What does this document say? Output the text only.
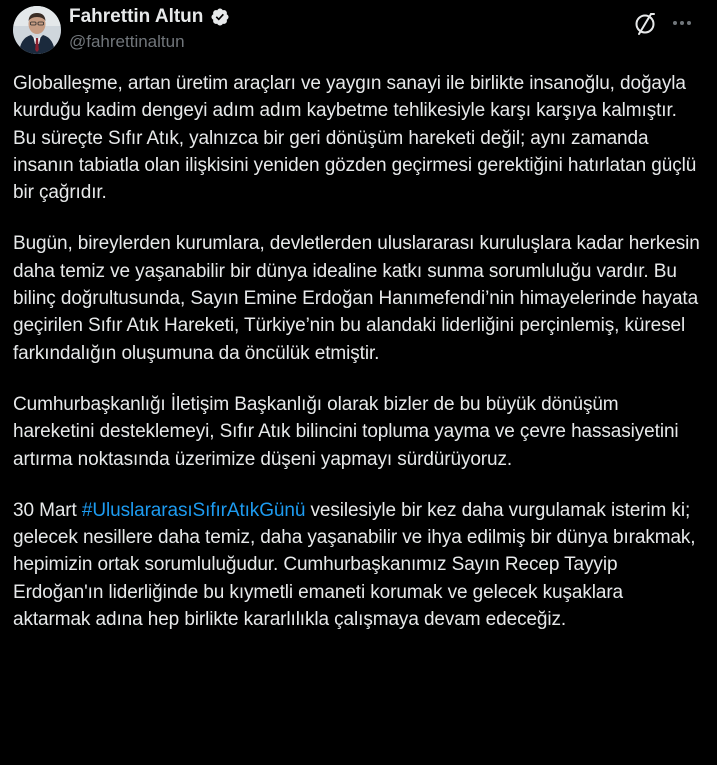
Fahrettin Altun
@fahrettinaltun

Globalleşme, artan üretim araçları ve yaygın sanayi ile birlikte insanoğlu, doğayla kurduğu kadim dengeyi adım adım kaybetme tehlikesiyle karşı karşıya kalmıştır. Bu süreçte Sıfır Atık, yalnızca bir geri dönüşüm hareketi değil; aynı zamanda insanın tabiatla olan ilişkisini yeniden gözden geçirmesi gerektiğini hatırlatan güçlü bir çağrıdır.

Bugün, bireylerden kurumlara, devletlerden uluslararası kuruluşlara kadar herkesin daha temiz ve yaşanabilir bir dünya idealine katkı sunma sorumluluğu vardır. Bu bilinç doğrultusunda, Sayın Emine Erdoğan Hanımefendi’nin himayelerinde hayata geçirilen Sıfır Atık Hareketi, Türkiye’nin bu alandaki liderliğini perçinlemiş, küresel farkındalığın oluşumuna da öncülük etmiştir.

Cumhurbaşkanlığı İletişim Başkanlığı olarak bizler de bu büyük dönüşüm hareketini desteklemeyi, Sıfır Atık bilincini topluma yayma ve çevre hassasiyetini artırma noktasında üzerimize düşeni yapmayı sürdürüyoruz.

30 Mart #UluslararasıSıfırAtıkGünü vesilesiyle bir kez daha vurgulamak isterim ki; gelecek nesillere daha temiz, daha yaşanabilir ve ihya edilmiş bir dünya bırakmak, hepimizin ortak sorumluluğudur. Cumhurbaşkanımız Sayın Recep Tayyip Erdoğan'ın liderliğinde bu kıymetli emaneti korumak ve gelecek kuşaklara aktarmak adına hep birlikte kararlılıkla çalışmaya devam edeceğiz.
